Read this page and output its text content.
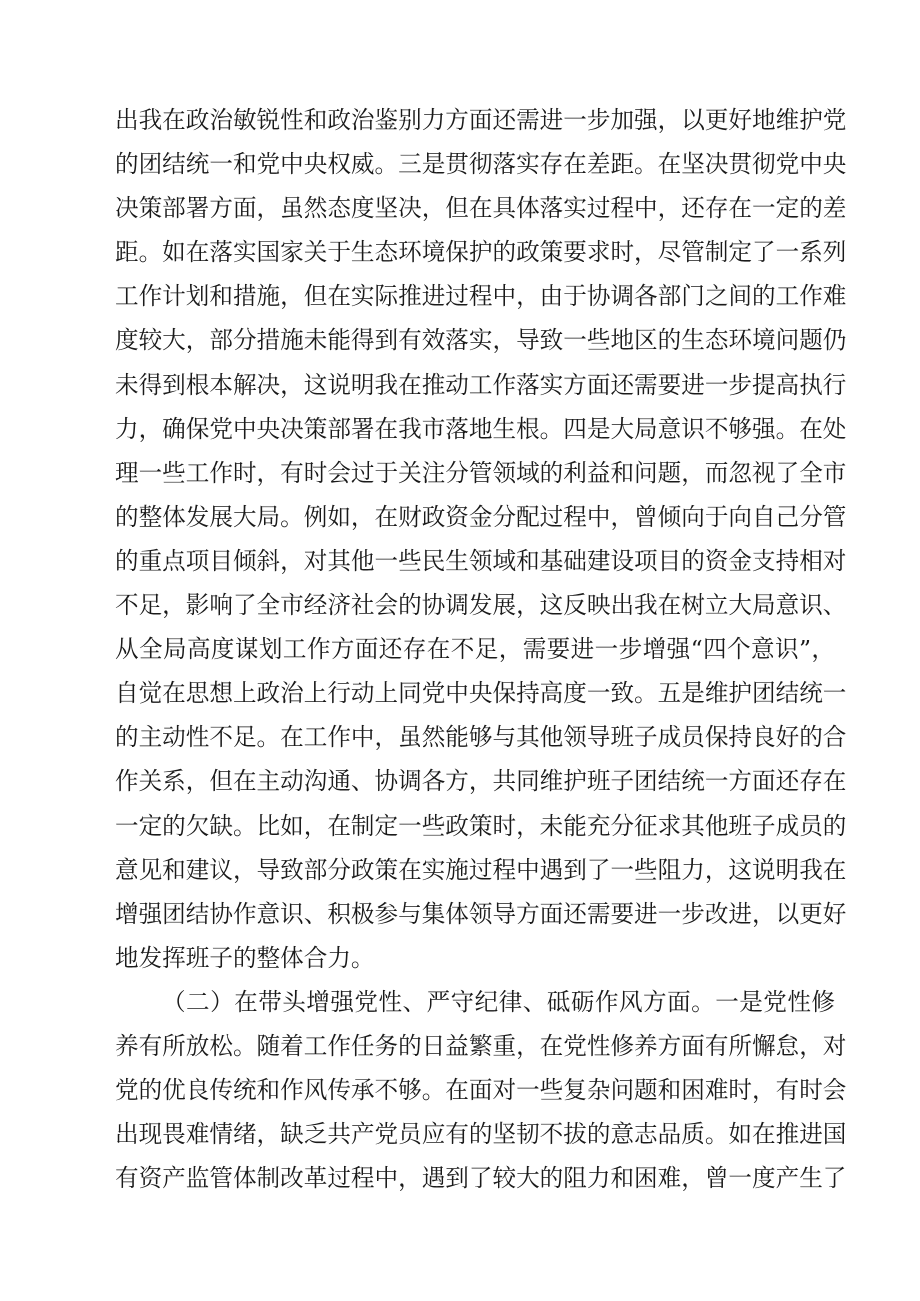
出我在政治敏锐性和政治鉴别力方面还需进一步加强，以更好地维护党
的团结统一和党中央权威。三是贯彻落实存在差距。在坚决贯彻党中央
决策部署方面，虽然态度坚决，但在具体落实过程中，还存在一定的差
距。如在落实国家关于生态环境保护的政策要求时，尽管制定了一系列
工作计划和措施，但在实际推进过程中，由于协调各部门之间的工作难
度较大，部分措施未能得到有效落实，导致一些地区的生态环境问题仍
未得到根本解决，这说明我在推动工作落实方面还需要进一步提高执行
力，确保党中央决策部署在我市落地生根。四是大局意识不够强。在处
理一些工作时，有时会过于关注分管领域的利益和问题，而忽视了全市
的整体发展大局。例如，在财政资金分配过程中，曾倾向于向自己分管
的重点项目倾斜，对其他一些民生领域和基础建设项目的资金支持相对
不足，影响了全市经济社会的协调发展，这反映出我在树立大局意识、
从全局高度谋划工作方面还存在不足，需要进一步增强“四个意识”，
自觉在思想上政治上行动上同党中央保持高度一致。五是维护团结统一
的主动性不足。在工作中，虽然能够与其他领导班子成员保持良好的合
作关系，但在主动沟通、协调各方，共同维护班子团结统一方面还存在
一定的欠缺。比如，在制定一些政策时，未能充分征求其他班子成员的
意见和建议，导致部分政策在实施过程中遇到了一些阻力，这说明我在
增强团结协作意识、积极参与集体领导方面还需要进一步改进，以更好
地发挥班子的整体合力。
（二）在带头增强党性、严守纪律、砥砺作风方面。一是党性修
养有所放松。随着工作任务的日益繁重，在党性修养方面有所懈怠，对
党的优良传统和作风传承不够。在面对一些复杂问题和困难时，有时会
出现畏难情绪，缺乏共产党员应有的坚韧不拔的意志品质。如在推进国
有资产监管体制改革过程中，遇到了较大的阻力和困难，曾一度产生了
